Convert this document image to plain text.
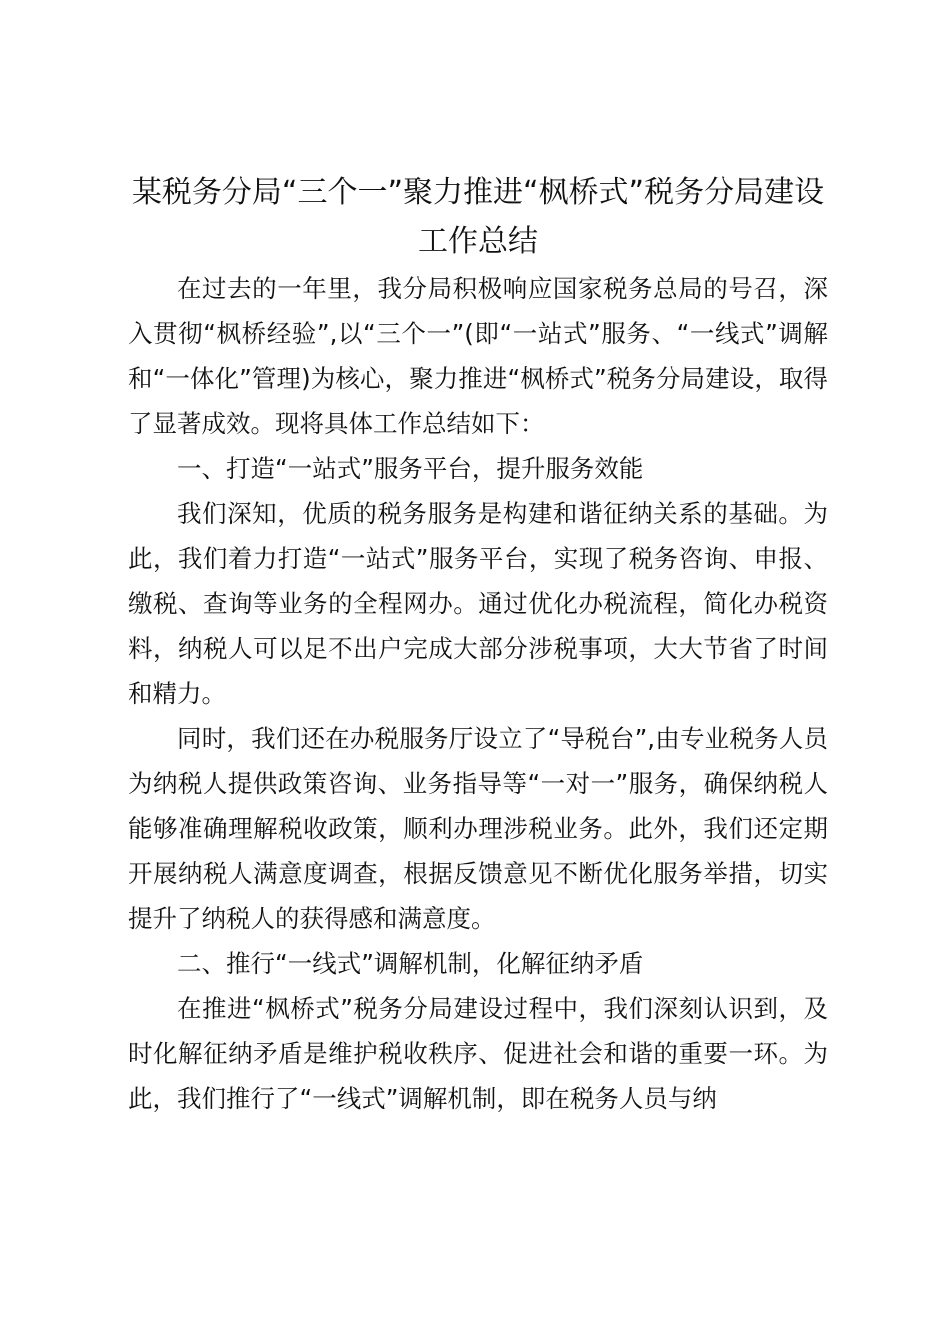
某税务分局“三个一”聚力推进“枫桥式”税务分局建设工作总结

在过去的一年里，我分局积极响应国家税务总局的号召，深入贯彻“枫桥经验”,以“三个一”(即“一站式”服务、“一线式”调解和“一体化”管理)为核心，聚力推进“枫桥式”税务分局建设，取得了显著成效。现将具体工作总结如下：

一、打造“一站式”服务平台，提升服务效能

我们深知，优质的税务服务是构建和谐征纳关系的基础。为此，我们着力打造“一站式”服务平台，实现了税务咨询、申报、缴税、查询等业务的全程网办。通过优化办税流程，简化办税资料，纳税人可以足不出户完成大部分涉税事项，大大节省了时间和精力。

同时，我们还在办税服务厅设立了“导税台”,由专业税务人员为纳税人提供政策咨询、业务指导等“一对一”服务，确保纳税人能够准确理解税收政策，顺利办理涉税业务。此外，我们还定期开展纳税人满意度调查，根据反馈意见不断优化服务举措，切实提升了纳税人的获得感和满意度。

二、推行“一线式”调解机制，化解征纳矛盾

在推进“枫桥式”税务分局建设过程中，我们深刻认识到，及时化解征纳矛盾是维护税收秩序、促进社会和谐的重要一环。为此，我们推行了“一线式”调解机制，即在税务人员与纳
